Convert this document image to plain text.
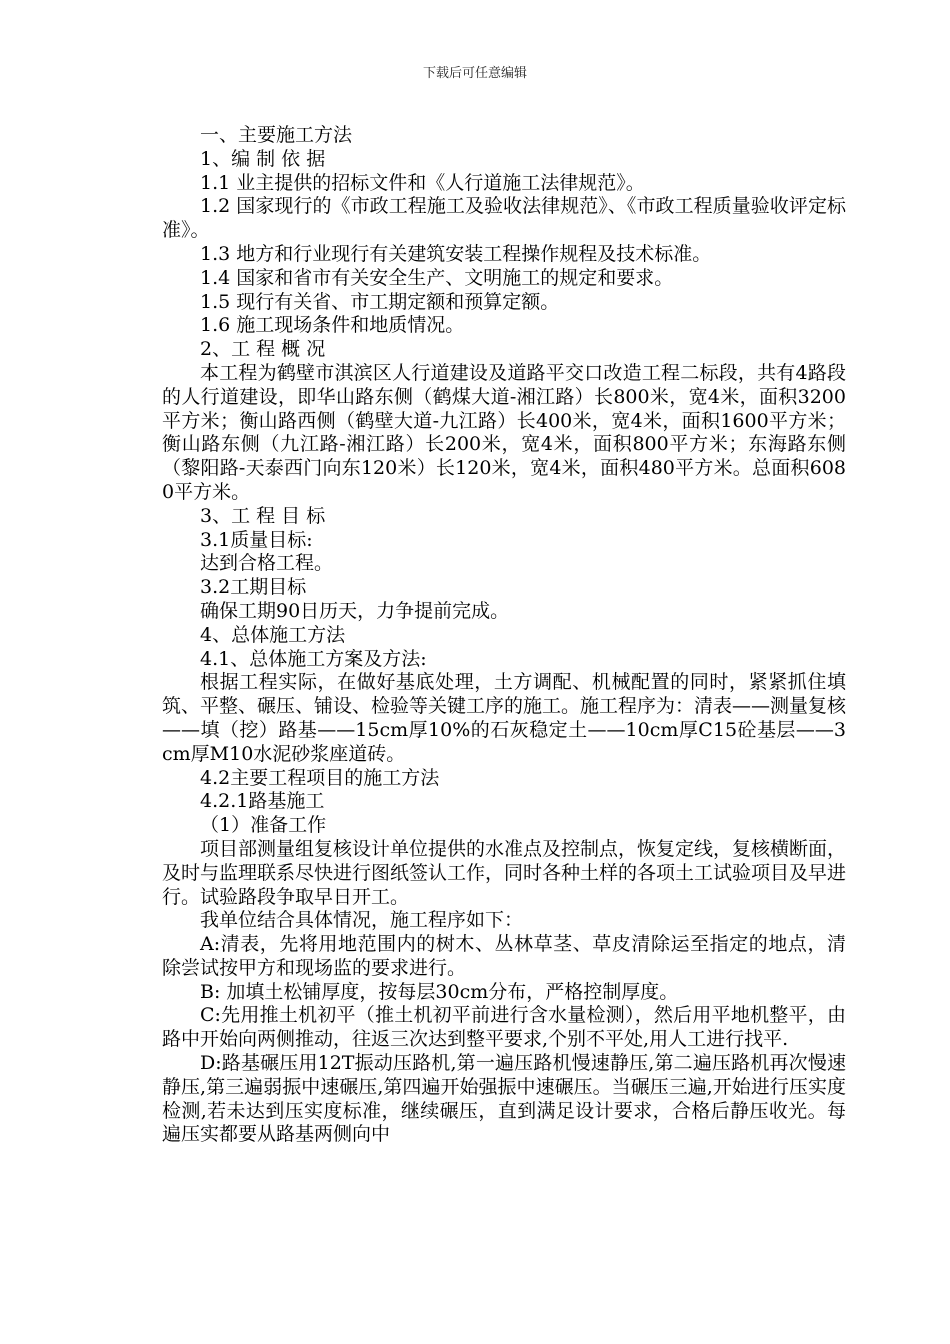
下载后可任意编辑

一、主要施工方法

1、编 制 依 据

1.1 业主提供的招标文件和《人行道施工法律规范》。

1.2 国家现行的《市政工程施工及验收法律规范》、《市政工程质量验收评定标准》。

1.3 地方和行业现行有关建筑安装工程操作规程及技术标准。

1.4 国家和省市有关安全生产、文明施工的规定和要求。

1.5 现行有关省、市工期定额和预算定额。

1.6 施工现场条件和地质情况。

2、工 程 概 况

本工程为鹤壁市淇滨区人行道建设及道路平交口改造工程二标段，共有4路段的人行道建设，即华山路东侧（鹤煤大道-湘江路）长800米，宽4米，面积3200平方米；衡山路西侧（鹤壁大道-九江路）长400米，宽4米，面积1600平方米；衡山路东侧（九江路-湘江路）长200米，宽4米，面积800平方米；东海路东侧（黎阳路-天泰西门向东120米）长120米，宽4米，面积480平方米。总面积6080平方米。

3、工 程 目 标

3.1质量目标:

达到合格工程。

3.2工期目标

确保工期90日历天，力争提前完成。

4、总体施工方法

4.1、总体施工方案及方法:

根据工程实际，在做好基底处理，土方调配、机械配置的同时，紧紧抓住填筑、平整、碾压、铺设、检验等关键工序的施工。施工程序为：清表——测量复核——填（挖）路基——15cm厚10%的石灰稳定土——10cm厚C15砼基层——3cm厚M10水泥砂浆座道砖。

4.2主要工程项目的施工方法

4.2.1路基施工

（1）准备工作

项目部测量组复核设计单位提供的水准点及控制点，恢复定线，复核横断面，及时与监理联系尽快进行图纸签认工作，同时各种土样的各项土工试验项目及早进行。试验路段争取早日开工。

我单位结合具体情况，施工程序如下：

A:清表，先将用地范围内的树木、丛林草茎、草皮清除运至指定的地点，清除尝试按甲方和现场监的要求进行。

B: 加填土松铺厚度，按每层30cm分布，严格控制厚度。

C:先用推土机初平（推土机初平前进行含水量检测），然后用平地机整平，由路中开始向两侧推动，往返三次达到整平要求,个别不平处,用人工进行找平.

D:路基碾压用12T振动压路机,第一遍压路机慢速静压,第二遍压路机再次慢速静压,第三遍弱振中速碾压,第四遍开始强振中速碾压。当碾压三遍,开始进行压实度检测,若未达到压实度标准，继续碾压，直到满足设计要求，合格后静压收光。每遍压实都要从路基两侧向中
